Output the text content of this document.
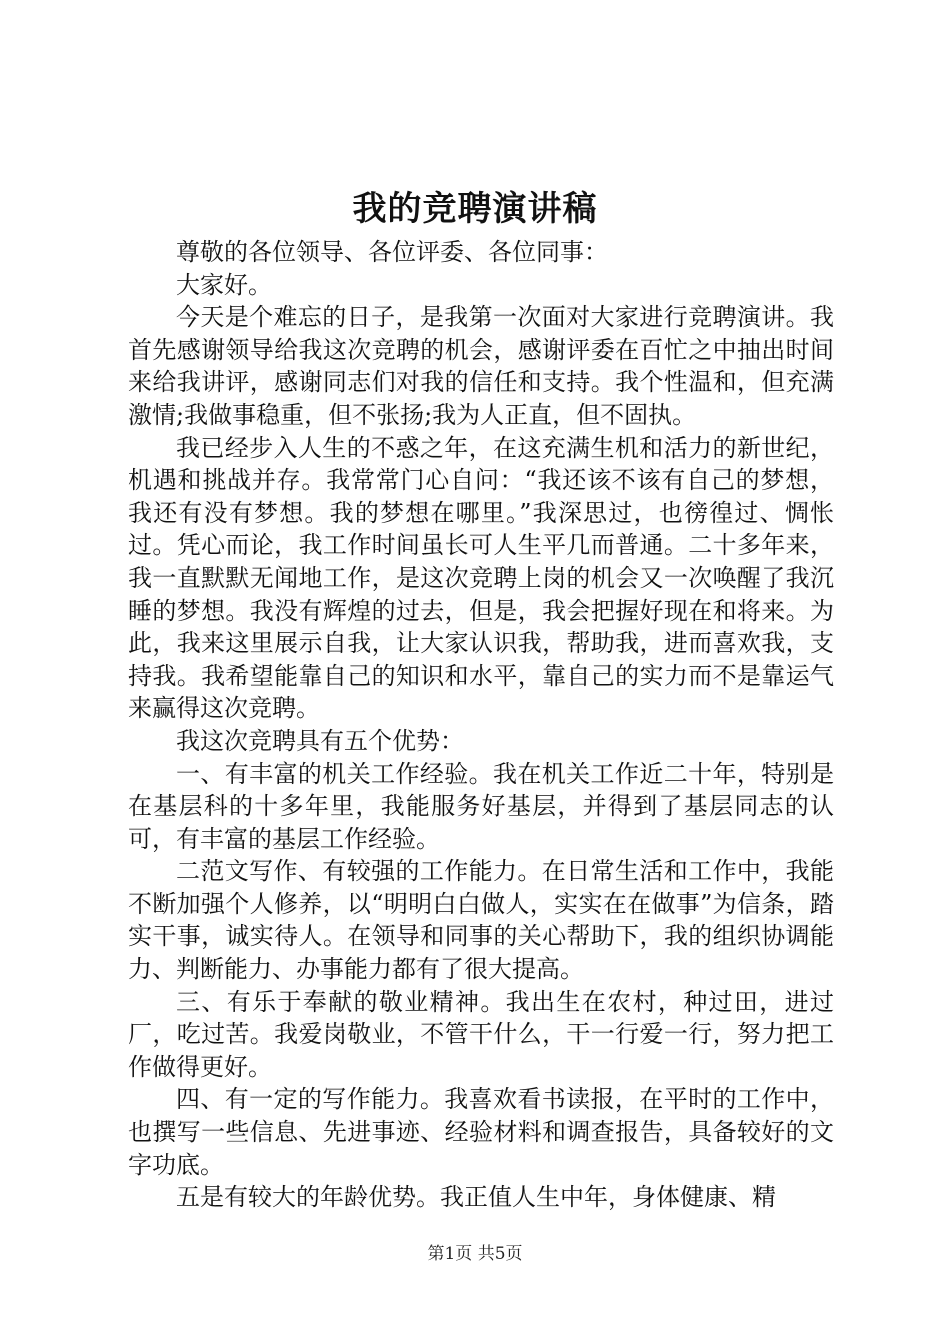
我的竞聘演讲稿

尊敬的各位领导、各位评委、各位同事：

大家好。

今天是个难忘的日子，是我第一次面对大家进行竞聘演讲。我首先感谢领导给我这次竞聘的机会，感谢评委在百忙之中抽出时间来给我讲评，感谢同志们对我的信任和支持。我个性温和，但充满激情;我做事稳重，但不张扬;我为人正直，但不固执。

我已经步入人生的不惑之年，在这充满生机和活力的新世纪，机遇和挑战并存。我常常门心自问：“我还该不该有自己的梦想，我还有没有梦想。我的梦想在哪里。”我深思过，也徬徨过、惆怅过。凭心而论，我工作时间虽长可人生平几而普通。二十多年来，我一直默默无闻地工作，是这次竞聘上岗的机会又一次唤醒了我沉睡的梦想。我没有辉煌的过去，但是，我会把握好现在和将来。为此，我来这里展示自我，让大家认识我，帮助我，进而喜欢我，支持我。我希望能靠自己的知识和水平，靠自己的实力而不是靠运气来赢得这次竞聘。

我这次竞聘具有五个优势：

一、有丰富的机关工作经验。我在机关工作近二十年，特别是在基层科的十多年里，我能服务好基层，并得到了基层同志的认可，有丰富的基层工作经验。

二范文写作、有较强的工作能力。在日常生活和工作中，我能不断加强个人修养，以“明明白白做人，实实在在做事”为信条，踏实干事，诚实待人。在领导和同事的关心帮助下，我的组织协调能力、判断能力、办事能力都有了很大提高。

三、有乐于奉献的敬业精神。我出生在农村，种过田，进过厂，吃过苦。我爱岗敬业，不管干什么，干一行爱一行，努力把工作做得更好。

四、有一定的写作能力。我喜欢看书读报，在平时的工作中，也撰写一些信息、先进事迹、经验材料和调查报告，具备较好的文字功底。

五是有较大的年龄优势。我正值人生中年，身体健康、精

第1页 共5页
